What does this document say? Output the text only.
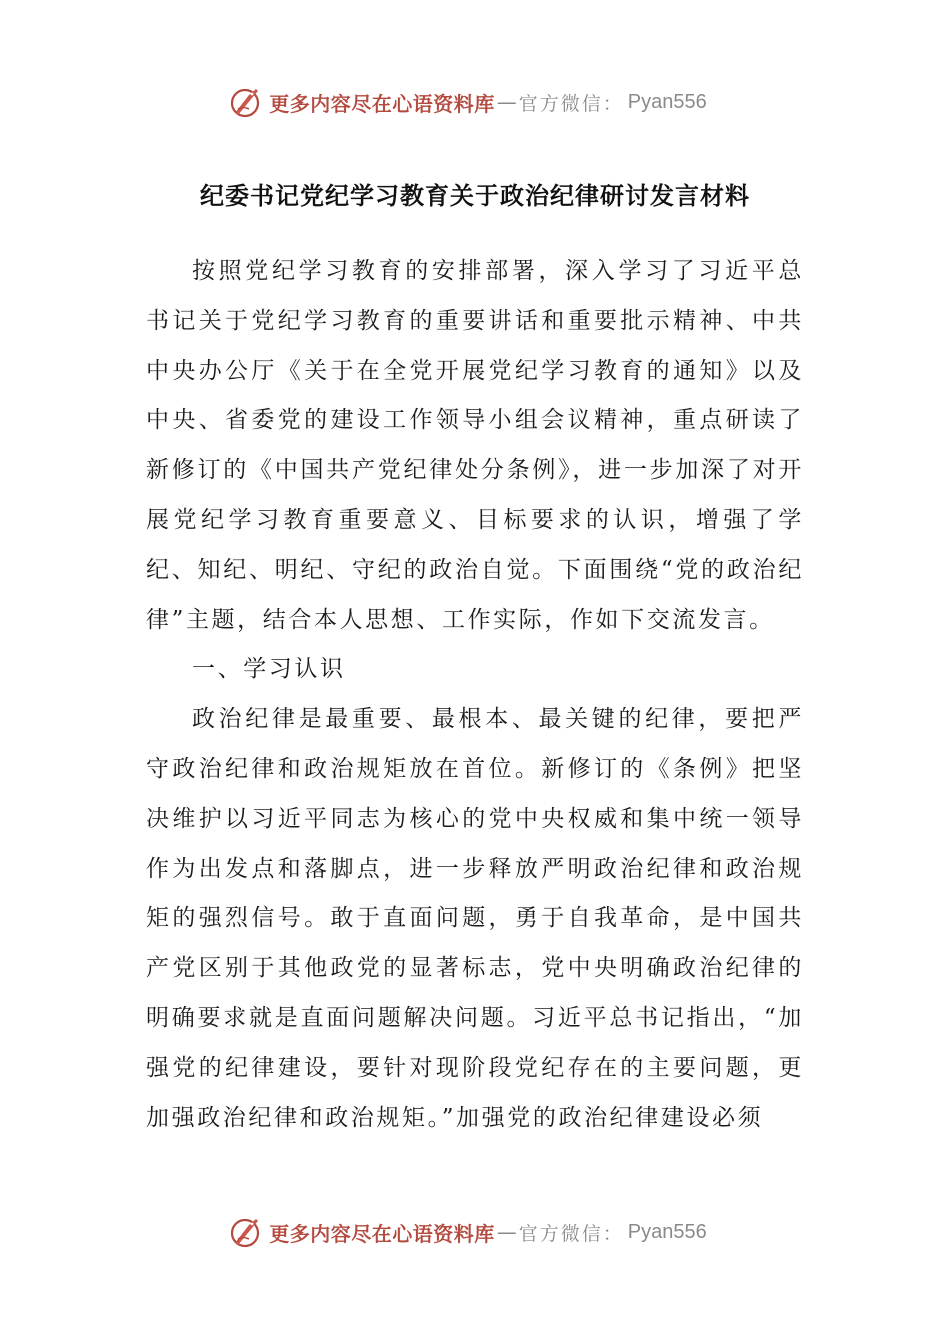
更多内容尽在心语资料库 — 官方微信： Pyan556
纪委书记党纪学习教育关于政治纪律研讨发言材料

按照党纪学习教育的安排部署，深入学习了习近平总书记关于党纪学习教育的重要讲话和重要批示精神、中共中央办公厅《关于在全党开展党纪学习教育的通知》以及中央、省委党的建设工作领导小组会议精神，重点研读了新修订的《中国共产党纪律处分条例》，进一步加深了对开展党纪学习教育重要意义、目标要求的认识，增强了学纪、知纪、明纪、守纪的政治自觉。下面围绕“党的政治纪律”主题，结合本人思想、工作实际，作如下交流发言。

一、学习认识

政治纪律是最重要、最根本、最关键的纪律，要把严守政治纪律和政治规矩放在首位。新修订的《条例》把坚决维护以习近平同志为核心的党中央权威和集中统一领导作为出发点和落脚点，进一步释放严明政治纪律和政治规矩的强烈信号。敢于直面问题，勇于自我革命，是中国共产党区别于其他政党的显著标志，党中央明确政治纪律的明确要求就是直面问题解决问题。习近平总书记指出，“加强党的纪律建设，要针对现阶段党纪存在的主要问题，更加强政治纪律和政治规矩。”加强党的政治纪律建设必须

更多内容尽在心语资料库 — 官方微信： Pyan556
